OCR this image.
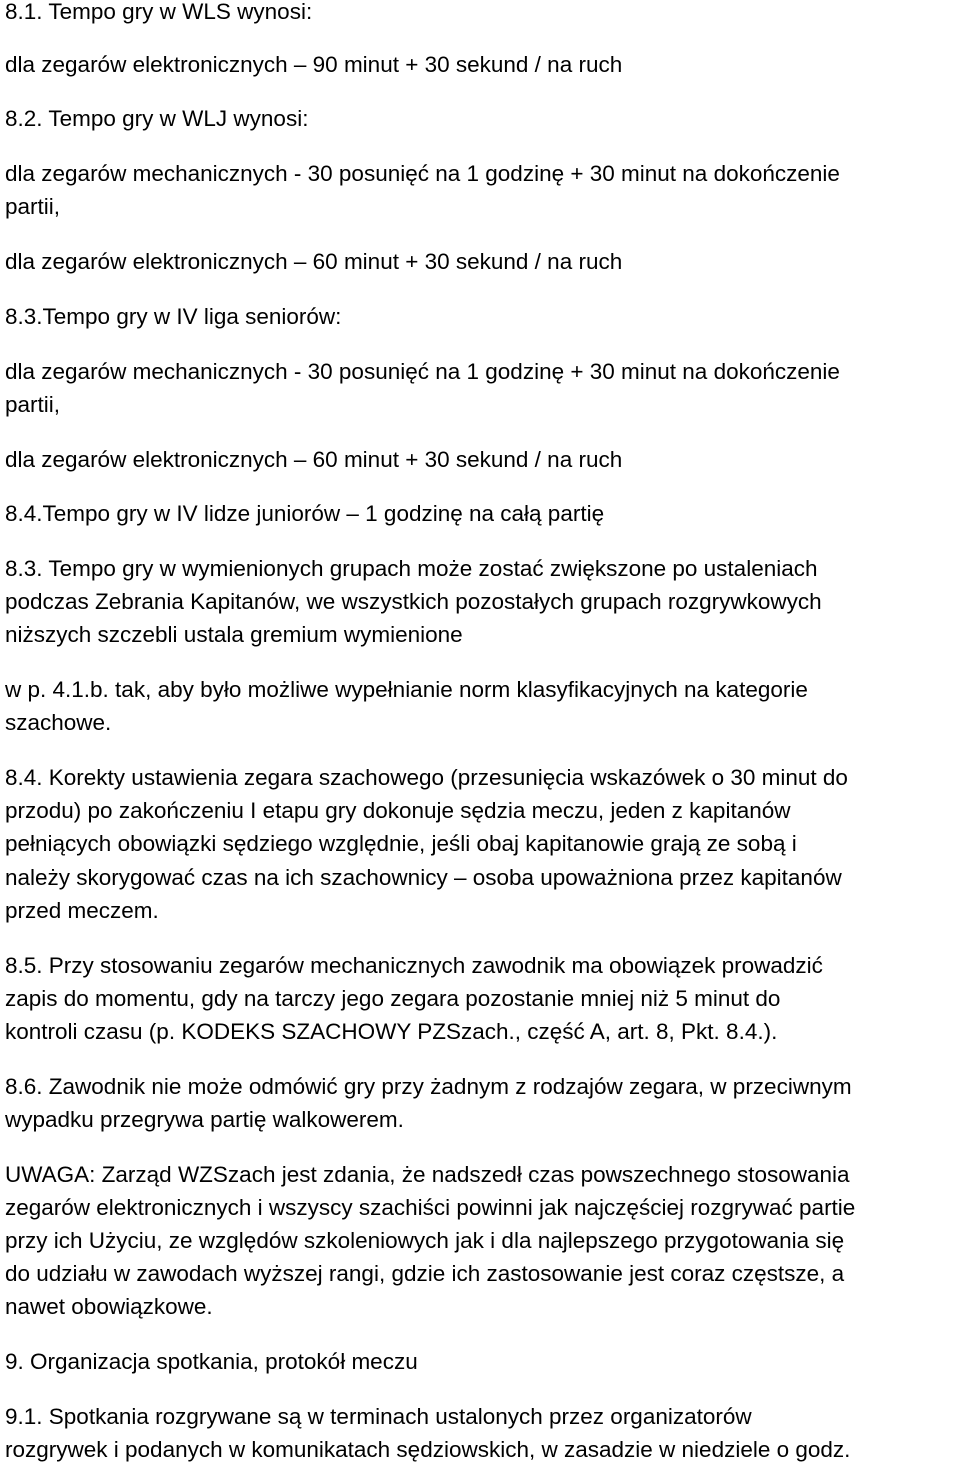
8.1. Tempo gry w WLS wynosi:

dla zegarów elektronicznych – 90 minut + 30 sekund / na ruch

8.2. Tempo gry w WLJ wynosi:

dla zegarów mechanicznych - 30 posunięć na 1 godzinę + 30 minut na dokończenie

partii,

dla zegarów elektronicznych – 60 minut + 30 sekund / na ruch

8.3.Tempo gry w IV liga seniorów:

dla zegarów mechanicznych - 30 posunięć na 1 godzinę + 30 minut na dokończenie

partii,

dla zegarów elektronicznych – 60 minut + 30 sekund / na ruch

8.4.Tempo gry w IV lidze juniorów – 1 godzinę na całą partię

8.3. Tempo gry w wymienionych grupach może zostać zwiększone po ustaleniach

podczas Zebrania Kapitanów, we wszystkich pozostałych grupach rozgrywkowych

niższych szczebli ustala gremium wymienione

w p. 4.1.b. tak, aby było możliwe wypełnianie norm klasyfikacyjnych na kategorie

szachowe.

8.4. Korekty ustawienia zegara szachowego (przesunięcia wskazówek o 30 minut do

przodu) po zakończeniu I etapu gry dokonuje sędzia meczu, jeden z kapitanów

pełniących obowiązki sędziego względnie, jeśli obaj kapitanowie grają ze sobą i

należy skorygować czas na ich szachownicy – osoba upoważniona przez kapitanów

przed meczem.

8.5. Przy stosowaniu zegarów mechanicznych zawodnik ma obowiązek prowadzić

zapis do momentu, gdy na tarczy jego zegara pozostanie mniej niż 5 minut do

kontroli czasu (p. KODEKS SZACHOWY PZSzach., część A, art. 8, Pkt. 8.4.).

8.6. Zawodnik nie może odmówić gry przy żadnym z rodzajów zegara, w przeciwnym

wypadku przegrywa partię walkowerem.

UWAGA: Zarząd WZSzach jest zdania, że nadszedł czas powszechnego stosowania

zegarów elektronicznych i wszyscy szachiści powinni jak najczęściej rozgrywać partie

przy ich Użyciu, ze względów szkoleniowych jak i dla najlepszego przygotowania się

do udziału w zawodach wyższej rangi, gdzie ich zastosowanie jest coraz częstsze, a

nawet obowiązkowe.

9. Organizacja spotkania, protokół meczu

9.1. Spotkania rozgrywane są w terminach ustalonych przez organizatorów

rozgrywek i podanych w komunikatach sędziowskich, w zasadzie w niedziele o godz.
